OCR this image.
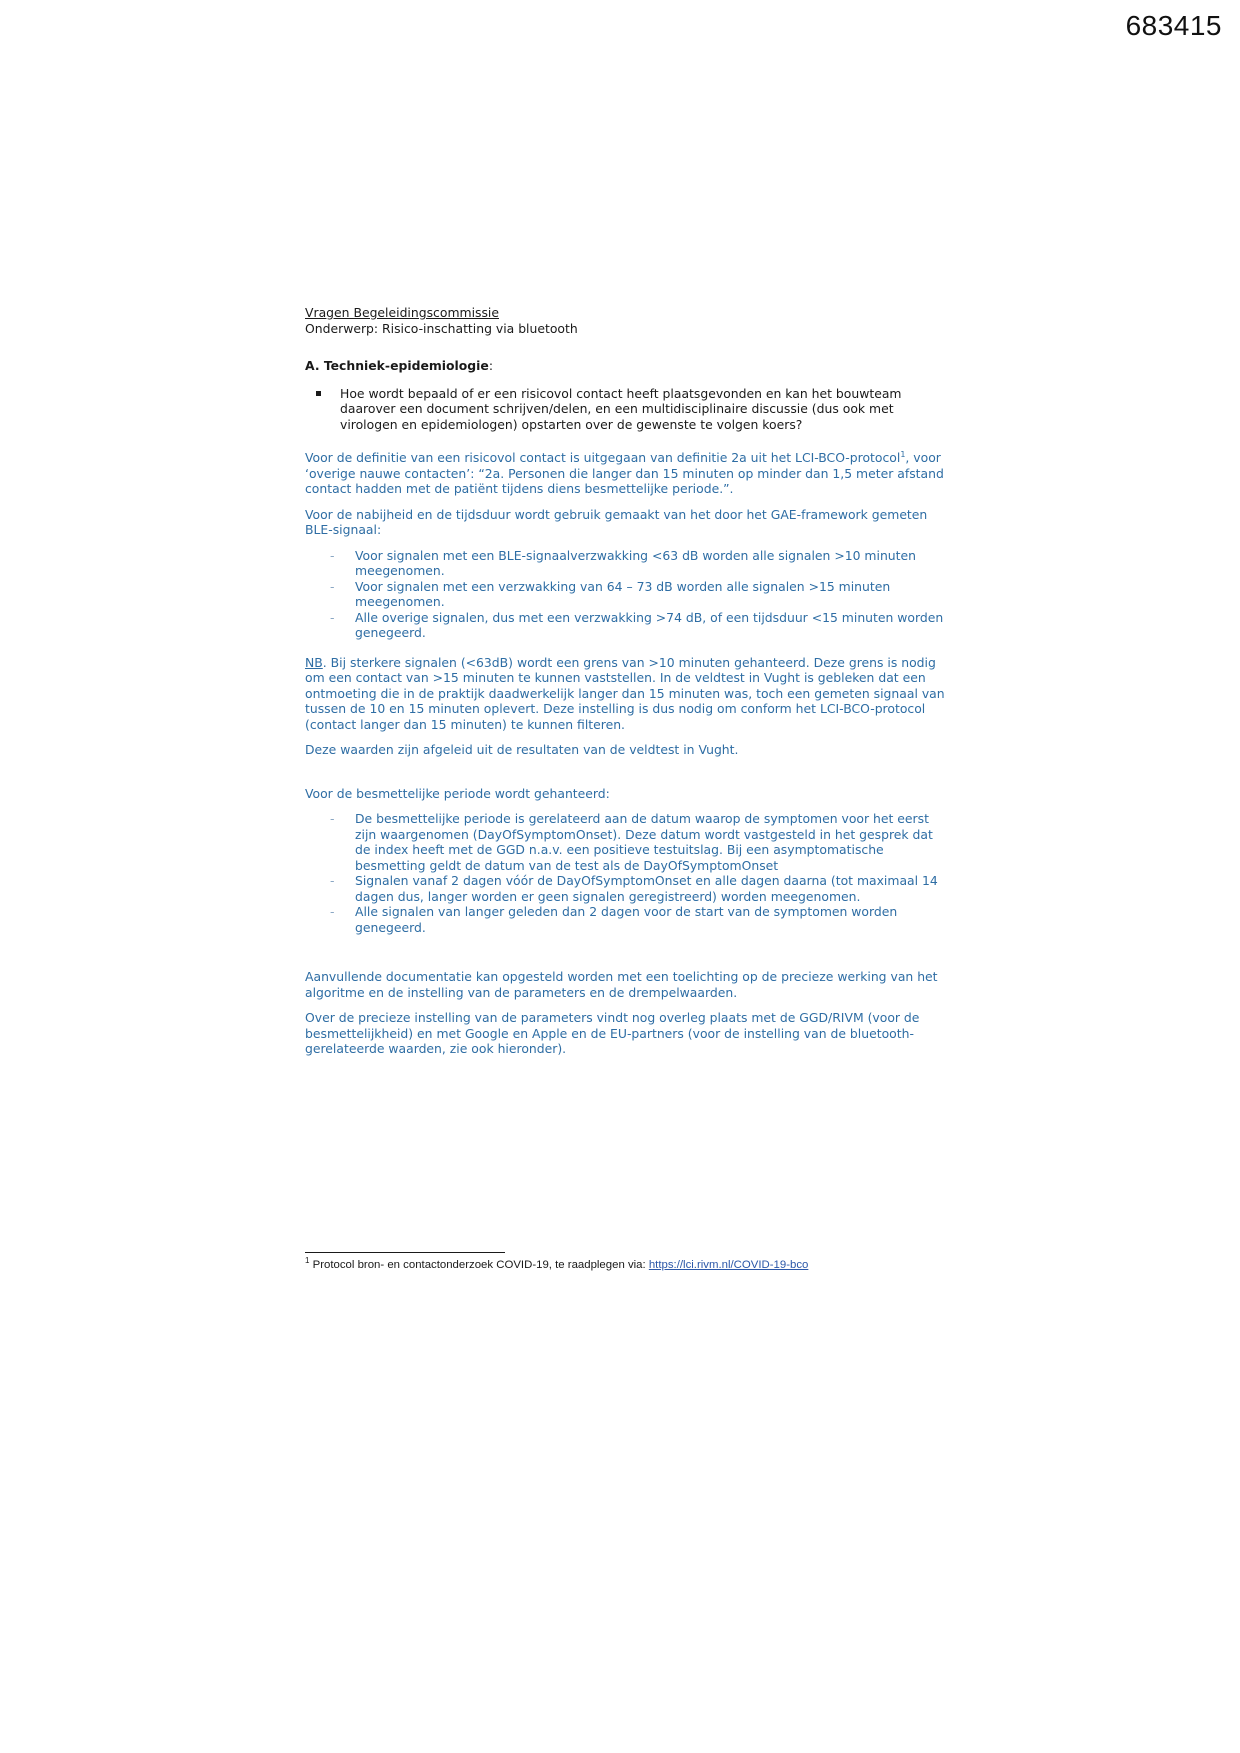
683415
Vragen Begeleidingscommissie
Onderwerp: Risico-inschatting via bluetooth
A. Techniek-epidemiologie:
Hoe wordt bepaald of er een risicovol contact heeft plaatsgevonden en kan het bouwteam daarover een document schrijven/delen, en een multidisciplinaire discussie (dus ook met virologen en epidemiologen) opstarten over de gewenste te volgen koers?
Voor de definitie van een risicovol contact is uitgegaan van definitie 2a uit het LCI-BCO-protocol$^1$, voor ‘overige nauwe contacten’: “2a. Personen die langer dan 15 minuten op minder dan 1,5 meter afstand contact hadden met de patiënt tijdens diens besmettelijke periode.”.
Voor de nabijheid en de tijdsduur wordt gebruik gemaakt van het door het GAE-framework gemeten BLE-signaal:
- Voor signalen met een BLE-signaalverzwakking <63 dB worden alle signalen >10 minuten meegenomen.
- Voor signalen met een verzwakking van 64 – 73 dB worden alle signalen >15 minuten meegenomen.
- Alle overige signalen, dus met een verzwakking >74 dB, of een tijdsduur <15 minuten worden genegeerd.
NB. Bij sterkere signalen (<63dB) wordt een grens van >10 minuten gehanteerd. Deze grens is nodig om een contact van >15 minuten te kunnen vaststellen. In de veldtest in Vught is gebleken dat een ontmoeting die in de praktijk daadwerkelijk langer dan 15 minuten was, toch een gemeten signaal van tussen de 10 en 15 minuten oplevert. Deze instelling is dus nodig om conform het LCI-BCO-protocol (contact langer dan 15 minuten) te kunnen filteren.
Deze waarden zijn afgeleid uit de resultaten van de veldtest in Vught.
Voor de besmettelijke periode wordt gehanteerd:
- De besmettelijke periode is gerelateerd aan de datum waarop de symptomen voor het eerst zijn waargenomen (DayOfSymptomOnset). Deze datum wordt vastgesteld in het gesprek dat de index heeft met de GGD n.a.v. een positieve testuitslag. Bij een asymptomatische besmetting geldt de datum van de test als de DayOfSymptomOnset
- Signalen vanaf 2 dagen vóór de DayOfSymptomOnset en alle dagen daarna (tot maximaal 14 dagen dus, langer worden er geen signalen geregistreerd) worden meegenomen.
- Alle signalen van langer geleden dan 2 dagen voor de start van de symptomen worden genegeerd.
Aanvullende documentatie kan opgesteld worden met een toelichting op de precieze werking van het algoritme en de instelling van de parameters en de drempelwaarden.
Over de precieze instelling van de parameters vindt nog overleg plaats met de GGD/RIVM (voor de besmettelijkheid) en met Google en Apple en de EU-partners (voor de instelling van de bluetooth-gerelateerde waarden, zie ook hieronder).
$^1$ Protocol bron- en contactonderzoek COVID-19, te raadplegen via: https://lci.rivm.nl/COVID-19-bco
